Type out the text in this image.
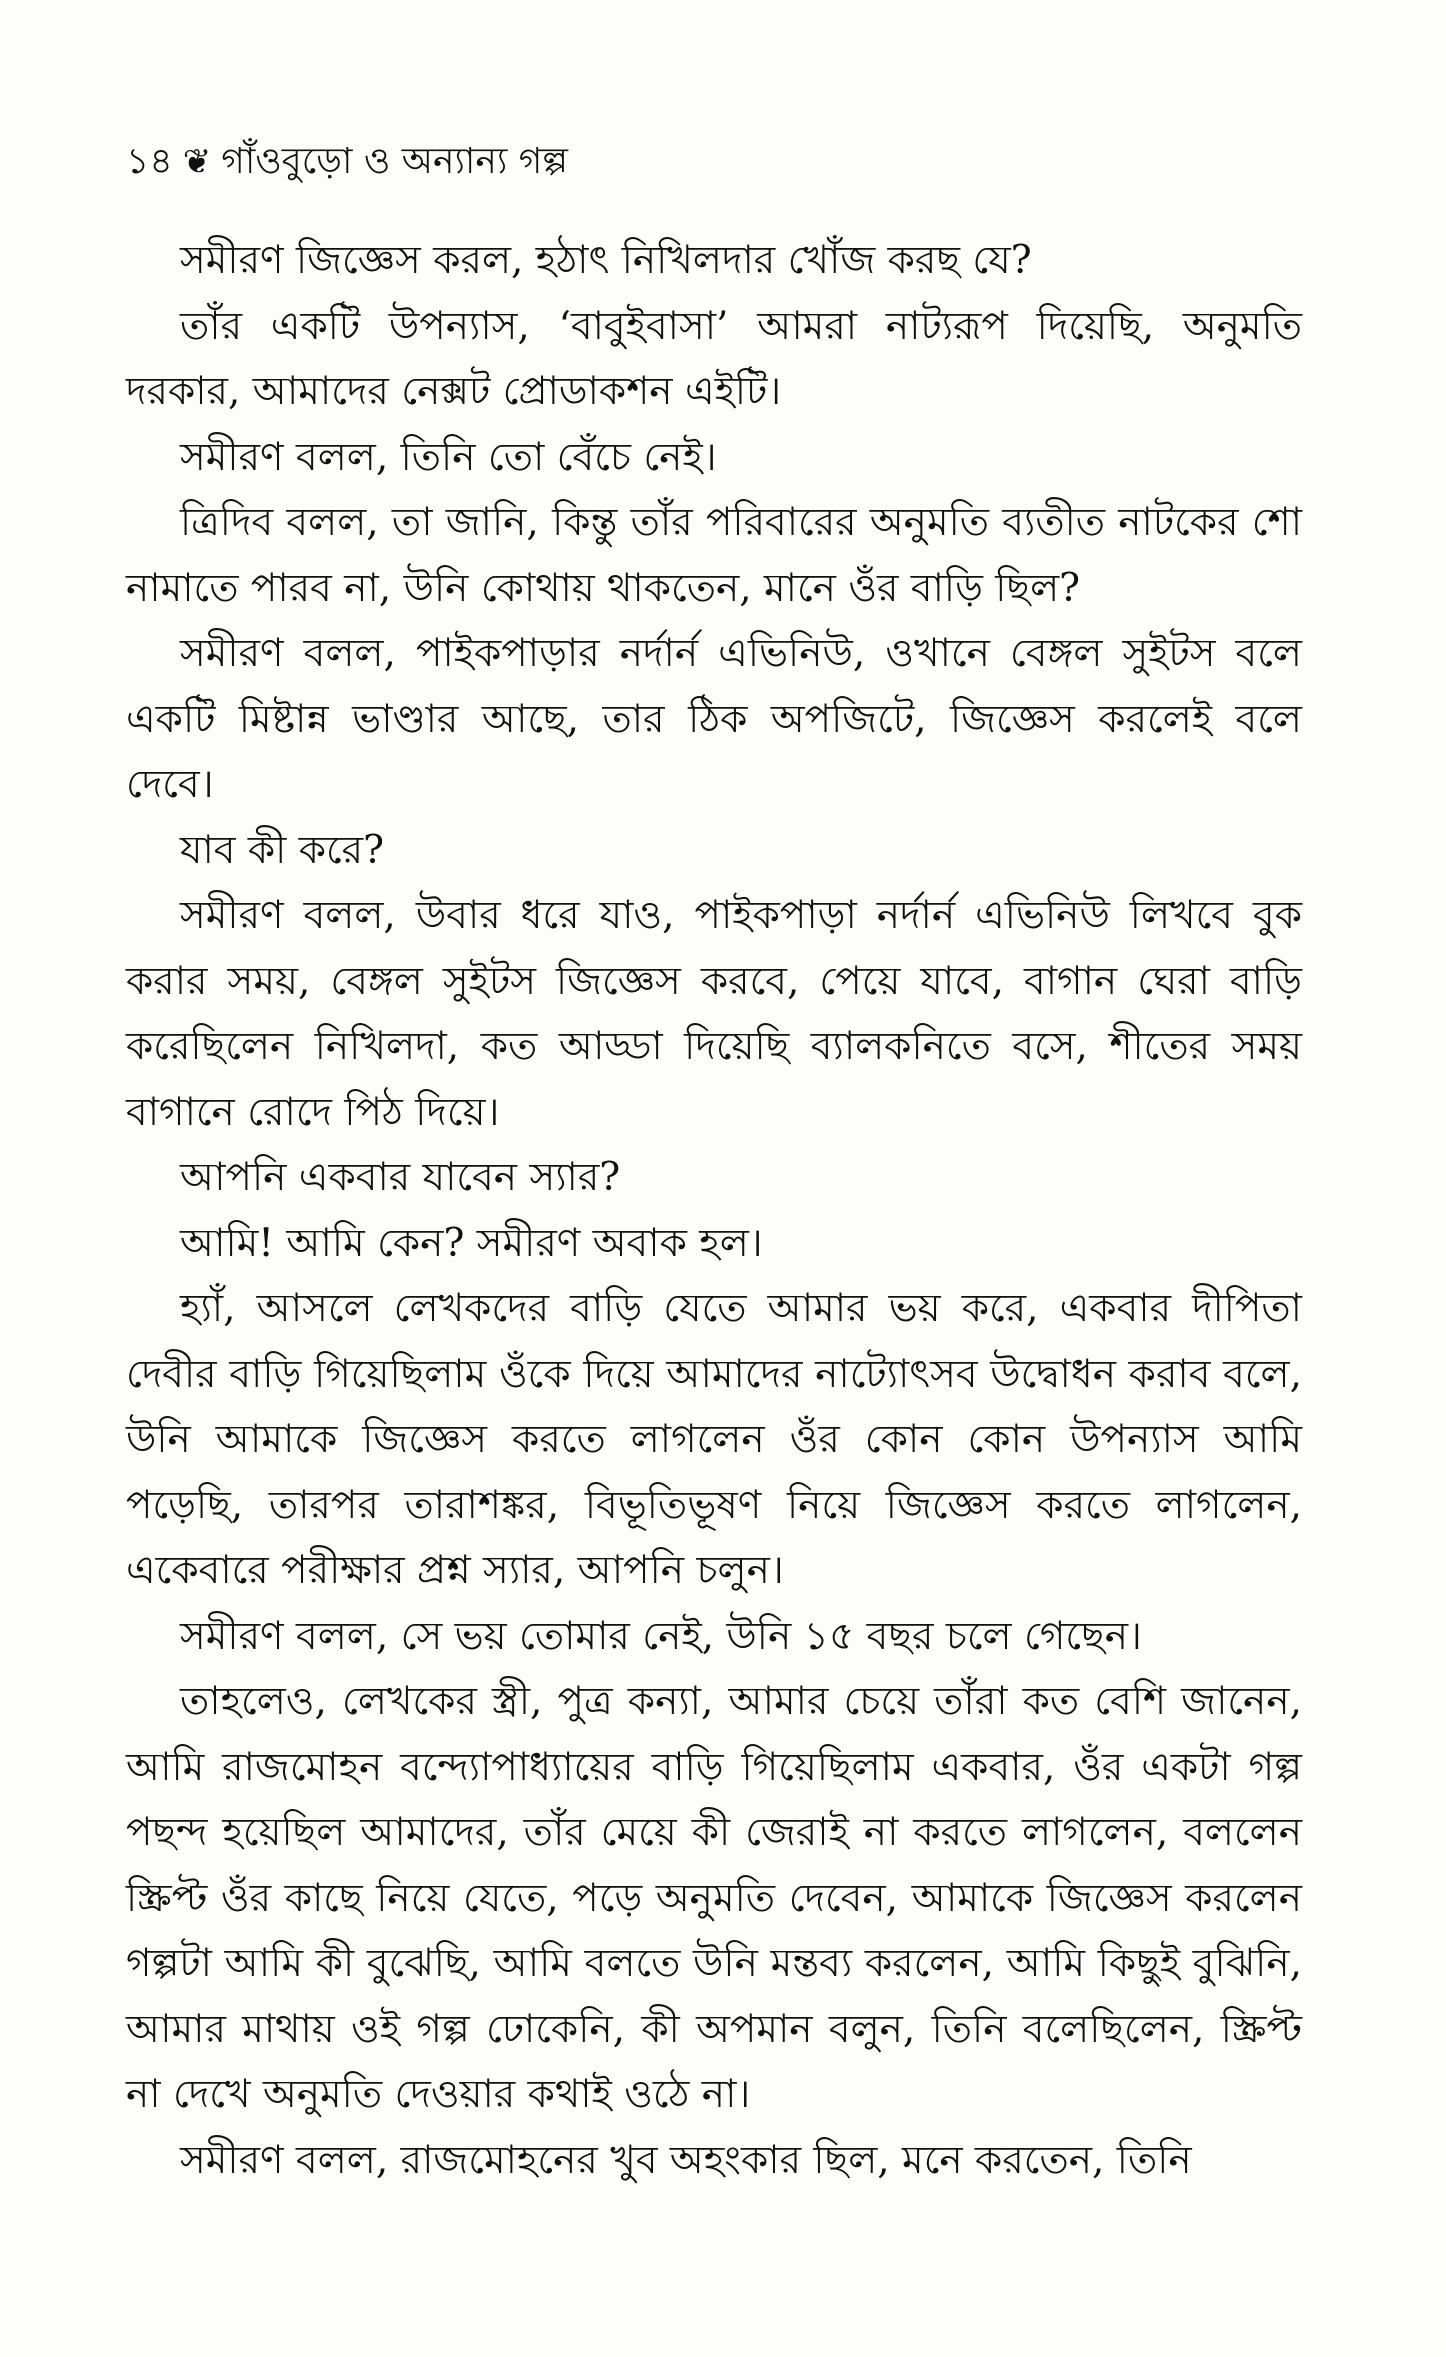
১৪ ❦ গাঁওবুড়ো ও অন্যান্য গল্প

সমীরণ জিজ্ঞেস করল, হঠাৎ নিখিলদার খোঁজ করছ যে?

তাঁর একটি উপন্যাস, ‘বাবুইবাসা’ আমরা নাট্যরূপ দিয়েছি, অনুমতি দরকার, আমাদের নেক্সট প্রোডাকশন এইটি।

সমীরণ বলল, তিনি তো বেঁচে নেই।

ত্রিদিব বলল, তা জানি, কিন্তু তাঁর পরিবারের অনুমতি ব্যতীত নাটকের শো নামাতে পারব না, উনি কোথায় থাকতেন, মানে ওঁর বাড়ি ছিল?

সমীরণ বলল, পাইকপাড়ার নর্দার্ন এভিনিউ, ওখানে বেঙ্গল সুইটস বলে একটি মিষ্টান্ন ভাণ্ডার আছে, তার ঠিক অপজিটে, জিজ্ঞেস করলেই বলে দেবে।

যাব কী করে?

সমীরণ বলল, উবার ধরে যাও, পাইকপাড়া নর্দার্ন এভিনিউ লিখবে বুক করার সময়, বেঙ্গল সুইটস জিজ্ঞেস করবে, পেয়ে যাবে, বাগান ঘেরা বাড়ি করেছিলেন নিখিলদা, কত আড্ডা দিয়েছি ব্যালকনিতে বসে, শীতের সময় বাগানে রোদে পিঠ দিয়ে।

আপনি একবার যাবেন স্যার?

আমি! আমি কেন? সমীরণ অবাক হল।

হ্যাঁ, আসলে লেখকদের বাড়ি যেতে আমার ভয় করে, একবার দীপিতা দেবীর বাড়ি গিয়েছিলাম ওঁকে দিয়ে আমাদের নাট্যোৎসব উদ্বোধন করাব বলে, উনি আমাকে জিজ্ঞেস করতে লাগলেন ওঁর কোন কোন উপন্যাস আমি পড়েছি, তারপর তারাশঙ্কর, বিভূতিভূষণ নিয়ে জিজ্ঞেস করতে লাগলেন, একেবারে পরীক্ষার প্রশ্ন স্যার, আপনি চলুন।

সমীরণ বলল, সে ভয় তোমার নেই, উনি ১৫ বছর চলে গেছেন।

তাহলেও, লেখকের স্ত্রী, পুত্র কন্যা, আমার চেয়ে তাঁরা কত বেশি জানেন, আমি রাজমোহন বন্দ্যোপাধ্যায়ের বাড়ি গিয়েছিলাম একবার, ওঁর একটা গল্প পছন্দ হয়েছিল আমাদের, তাঁর মেয়ে কী জেরাই না করতে লাগলেন, বললেন স্ক্রিপ্ট ওঁর কাছে নিয়ে যেতে, পড়ে অনুমতি দেবেন, আমাকে জিজ্ঞেস করলেন গল্পটা আমি কী বুঝেছি, আমি বলতে উনি মন্তব্য করলেন, আমি কিছুই বুঝিনি, আমার মাথায় ওই গল্প ঢোকেনি, কী অপমান বলুন, তিনি বলেছিলেন, স্ক্রিপ্ট না দেখে অনুমতি দেওয়ার কথাই ওঠে না।

সমীরণ বলল, রাজমোহনের খুব অহংকার ছিল, মনে করতেন, তিনি
